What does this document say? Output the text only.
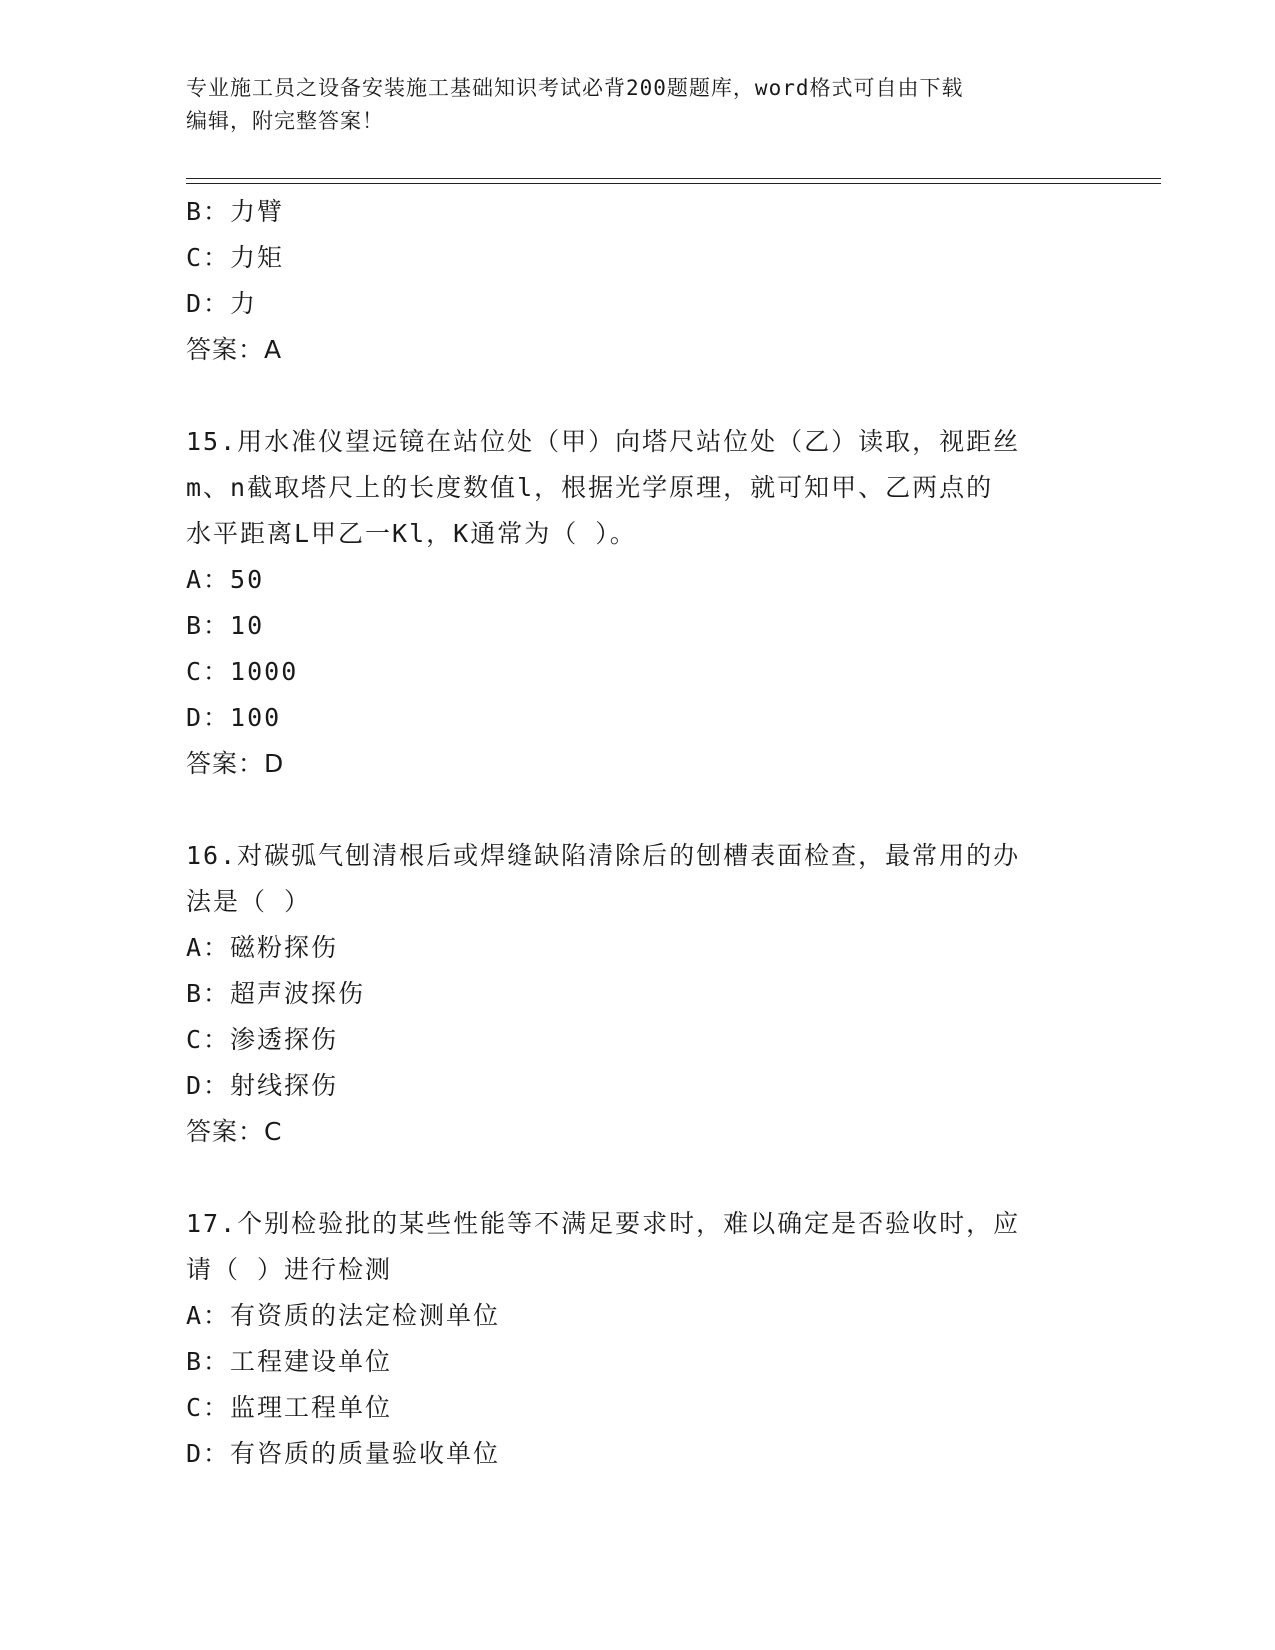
专业施工员之设备安装施工基础知识考试必背200题题库，word格式可自由下载
编辑，附完整答案！
B：力臂
C：力矩
D：力
答案：A
15.用水准仪望远镜在站位处（甲）向塔尺站位处（乙）读取，视距丝
m、n截取塔尺上的长度数值l，根据光学原理，就可知甲、乙两点的
水平距离L甲乙一Kl，K通常为（ ）。
A：50
B：10
C：1000
D：100
答案：D
16.对碳弧气刨清根后或焊缝缺陷清除后的刨槽表面检查，最常用的办
法是（ ）
A：磁粉探伤
B：超声波探伤
C：渗透探伤
D：射线探伤
答案：C
17.个别检验批的某些性能等不满足要求时，难以确定是否验收时，应
请（ ）进行检测
A：有资质的法定检测单位
B：工程建设单位
C：监理工程单位
D：有咨质的质量验收单位
